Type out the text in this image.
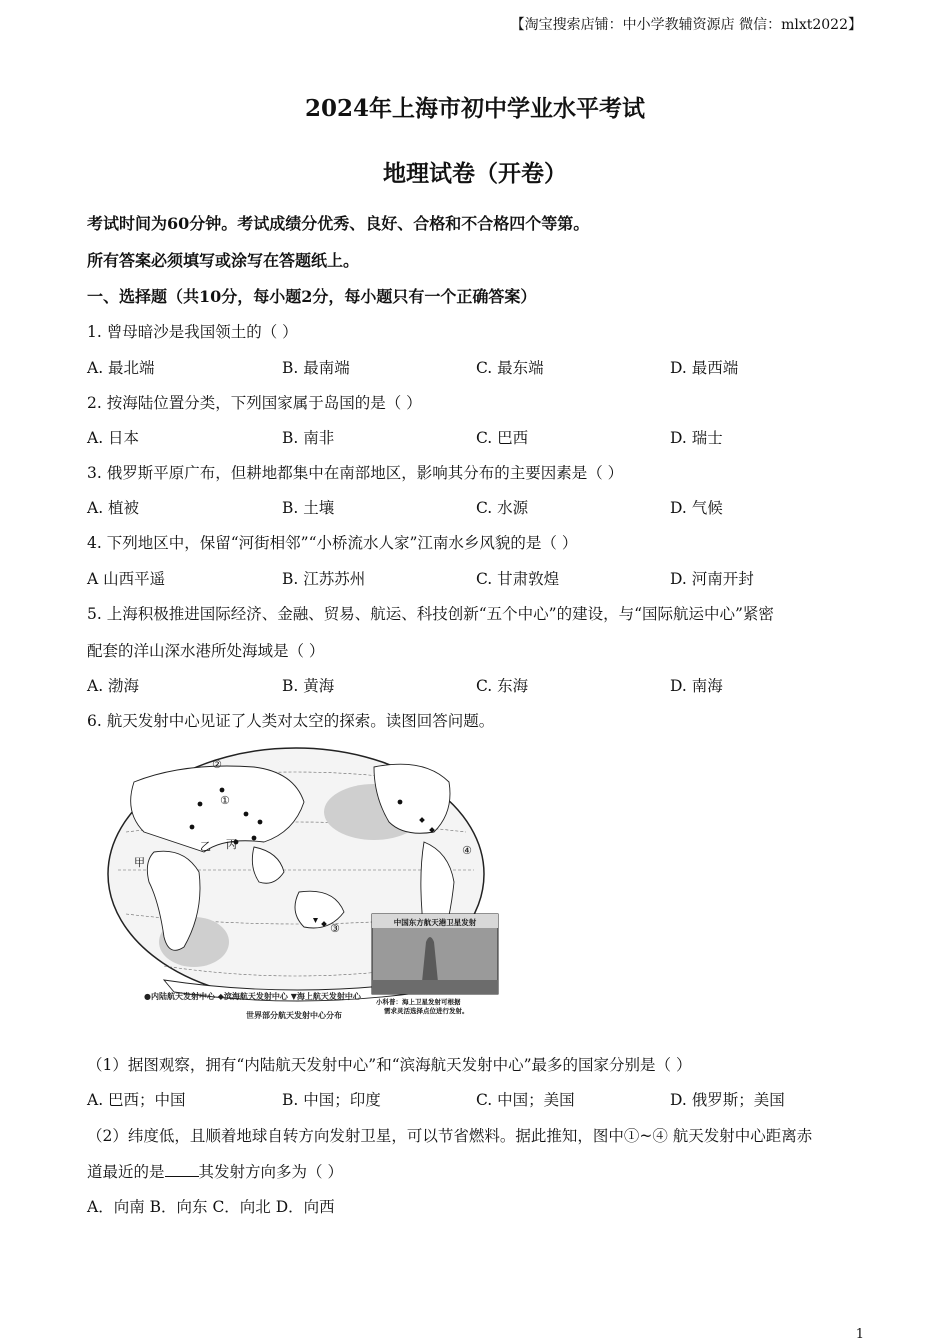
【淘宝搜索店铺：中小学教辅资源店 微信：mlxt2022】
2024年上海市初中学业水平考试
地理试卷（开卷）
考试时间为60分钟。考试成绩分优秀、良好、合格和不合格四个等第。
所有答案必须填写或涂写在答题纸上。
一、选择题（共10分，每小题2分，每小题只有一个正确答案）
1. 曾母暗沙是我国领土的（ ）
A. 最北端	B. 最南端	C. 最东端	D. 最西端
2. 按海陆位置分类，下列国家属于岛国的是（ ）
A. 日本	B. 南非	C. 巴西	D. 瑞士
3. 俄罗斯平原广布，但耕地都集中在南部地区，影响其分布的主要因素是（ ）
A. 植被	B. 土壤	C. 水源	D. 气候
4. 下列地区中，保留“河街相邻”“小桥流水人家”江南水乡风貌的是（ ）
A 山西平遥	B. 江苏苏州	C. 甘肃敦煌	D. 河南开封
5. 上海积极推进国际经济、金融、贸易、航运、科技创新“五个中心”的建设，与“国际航运中心”紧密
配套的洋山深水港所处海域是（ ）
A. 渤海	B. 黄海	C. 东海	D. 南海
6. 航天发射中心见证了人类对太空的探索。读图回答问题。
②
①
③
④
甲
乙 丙
中国东方航天港卫星发射
小科普：海上卫星发射可根据
需求灵活选择点位进行发射。
●内陆航天发射中心 ◆滨海航天发射中心 ▼海上航天发射中心
世界部分航天发射中心分布
（1）据图观察，拥有“内陆航天发射中心”和“滨海航天发射中心”最多的国家分别是（ ）
A. 巴西；中国	B. 中国；印度	C. 中国；美国	D. 俄罗斯；美国
（2）纬度低，且顺着地球自转方向发射卫星，可以节省燃料。据此推知，图中①~④ 航天发射中心距离赤
道最近的是 其发射方向多为（ ）
A．向南 B．向东 C．向北 D．向西
1
